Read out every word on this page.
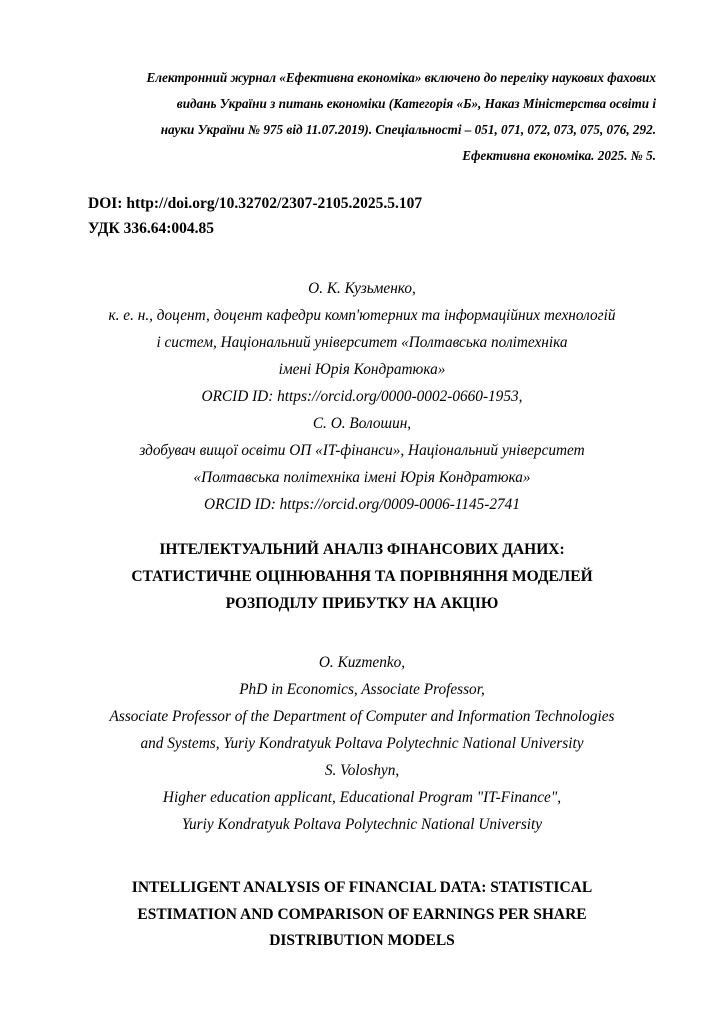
Електронний журнал «Ефективна економіка» включено до переліку наукових фахових
видань України з питань економіки (Категорія «Б», Наказ Міністерства освіти і
науки України № 975 від 11.07.2019). Спеціальності – 051, 071, 072, 073, 075, 076, 292.
Ефективна економіка. 2025. № 5.
DOI: http://doi.org/10.32702/2307-2105.2025.5.107
УДК 336.64:004.85
О. К. Кузьменко,
к. е. н., доцент, доцент кафедри комп'ютерних та інформаційних технологій
і систем, Національний університет «Полтавська політехніка
імені Юрія Кондратюка»
ORCID ID: https://orcid.org/0000-0002-0660-1953,
С. О. Волошин,
здобувач вищої освіти ОП «IT-фінанси», Національний університет
«Полтавська політехніка імені Юрія Кондратюка»
ORCID ID: https://orcid.org/0009-0006-1145-2741
ІНТЕЛЕКТУАЛЬНИЙ АНАЛІЗ ФІНАНСОВИХ ДАНИХ:
СТАТИСТИЧНЕ ОЦІНЮВАННЯ ТА ПОРІВНЯННЯ МОДЕЛЕЙ
РОЗПОДІЛУ ПРИБУТКУ НА АКЦІЮ
O. Kuzmenko,
PhD in Economics, Associate Professor,
Associate Professor of the Department of Computer and Information Technologies
and Systems, Yuriy Kondratyuk Poltava Polytechnic National University
S. Voloshyn,
Higher education applicant, Educational Program "IT-Finance",
Yuriy Kondratyuk Poltava Polytechnic National University
INTELLIGENT ANALYSIS OF FINANCIAL DATA: STATISTICAL
ESTIMATION AND COMPARISON OF EARNINGS PER SHARE
DISTRIBUTION MODELS
